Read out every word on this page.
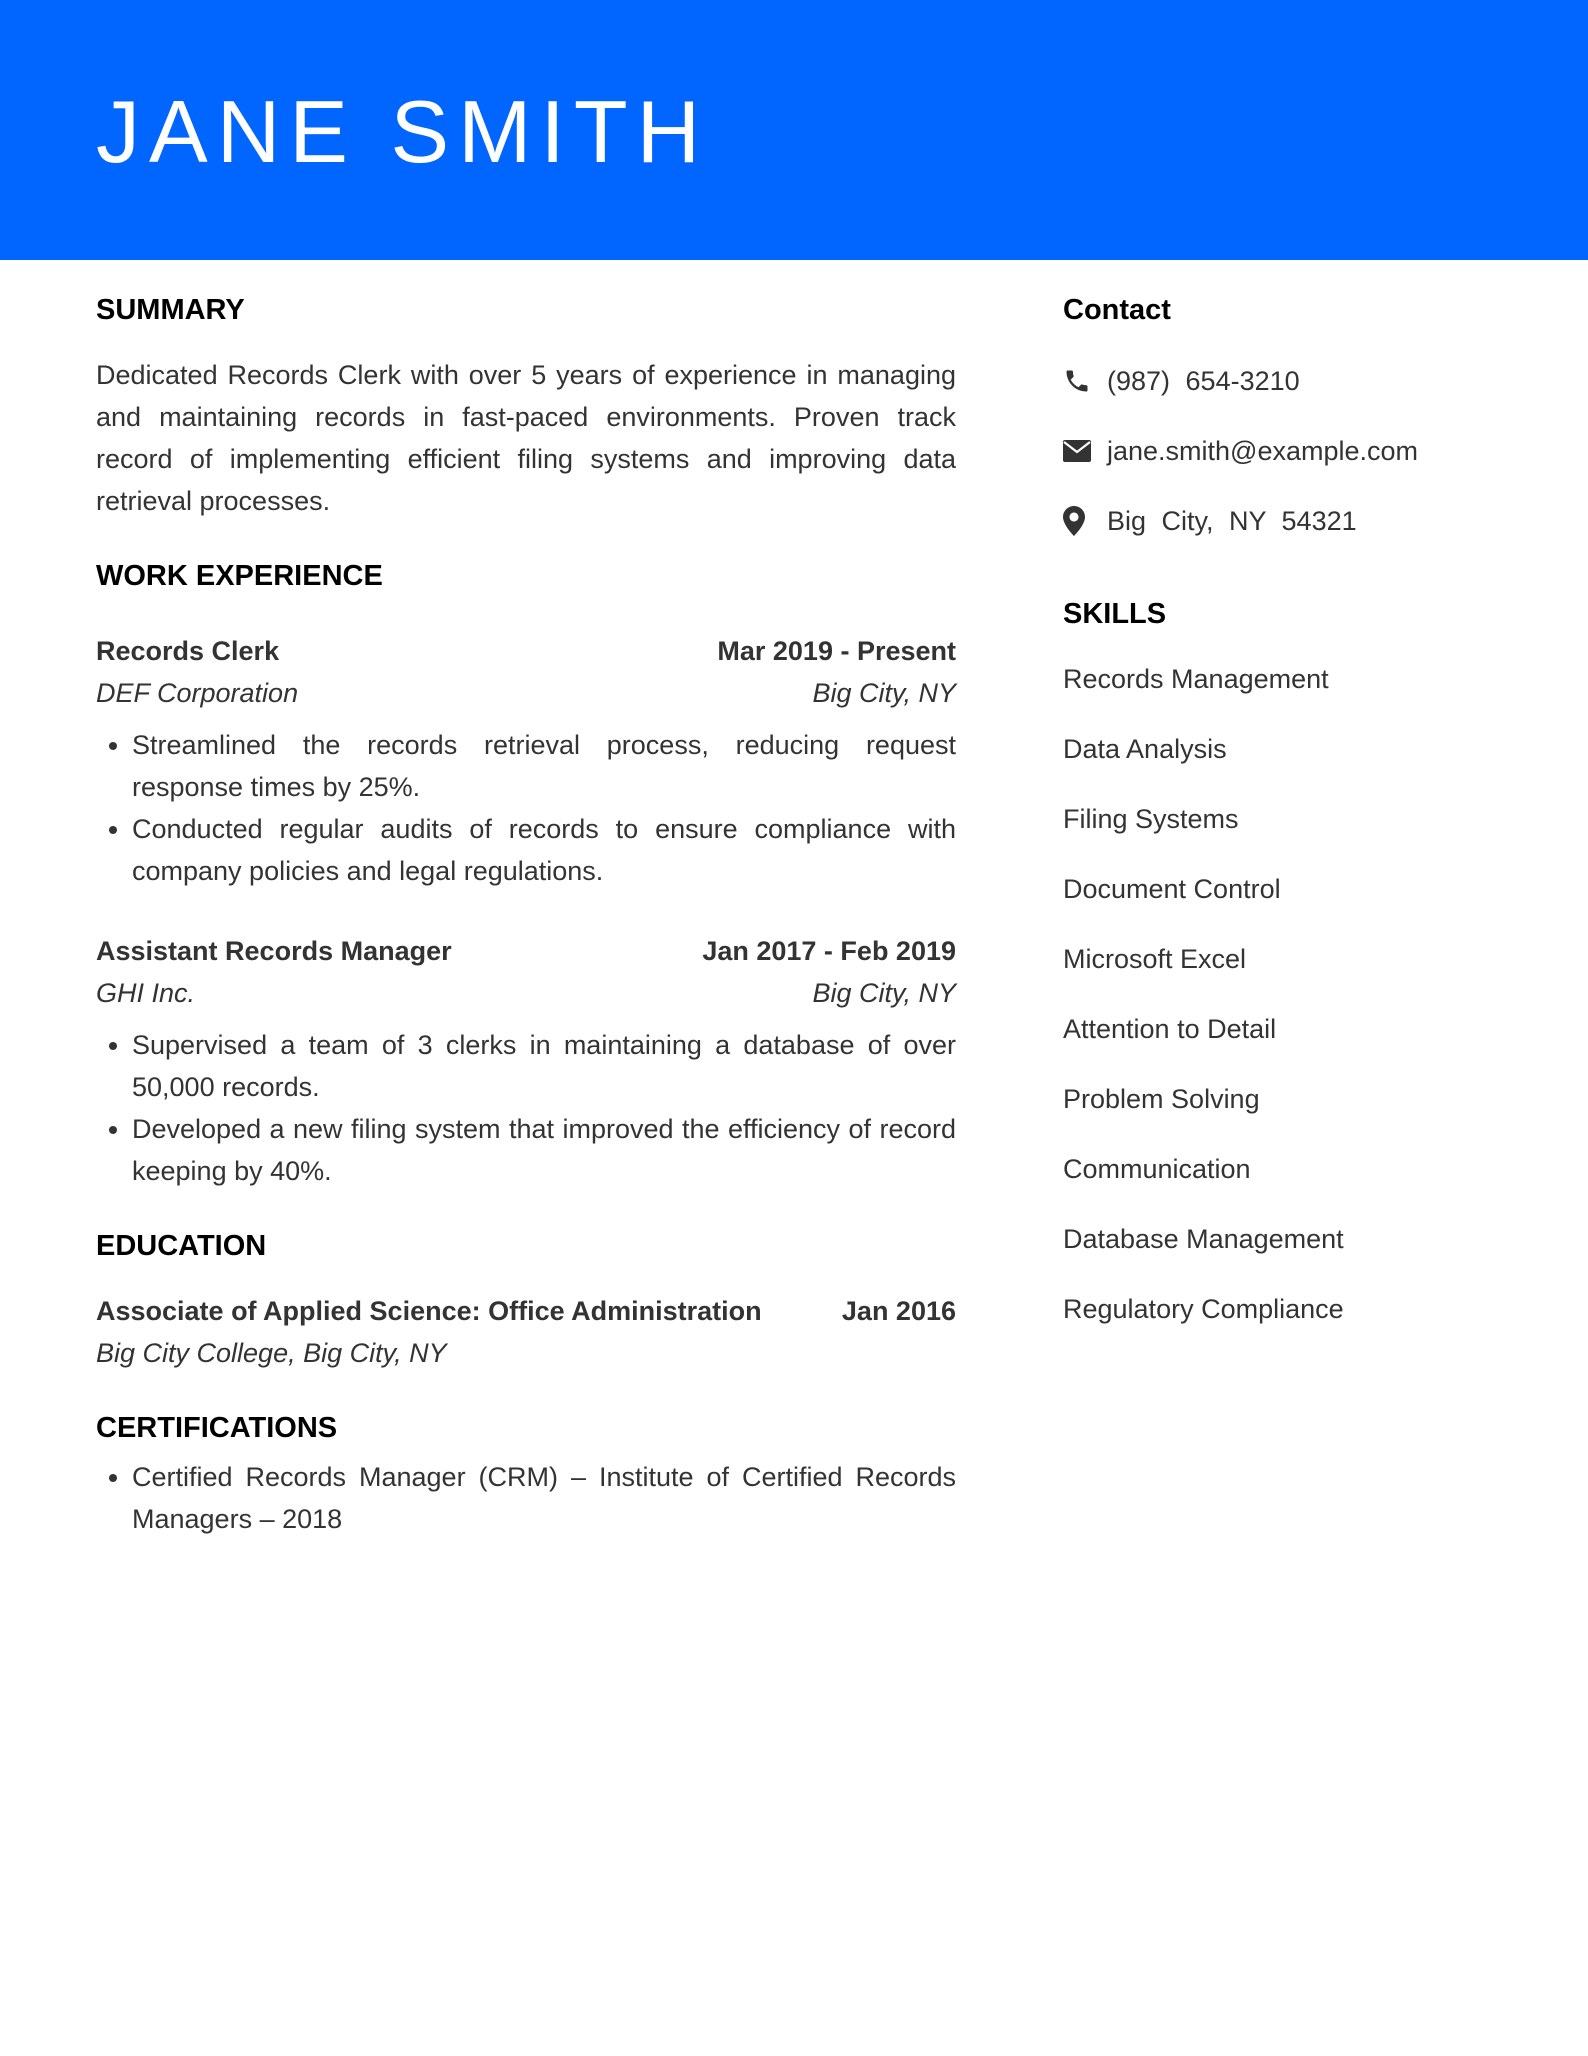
JANE SMITH
SUMMARY

Dedicated Records Clerk with over 5 years of experience in managing and maintaining records in fast-paced environments. Proven track record of implementing efficient filing systems and improving data retrieval processes.

WORK EXPERIENCE
Records Clerk	Mar 2019 - Present
DEF Corporation	Big City, NY
• Streamlined the records retrieval process, reducing request response times by 25%.
• Conducted regular audits of records to ensure compliance with company policies and legal regulations.
Assistant Records Manager	Jan 2017 - Feb 2019
GHI Inc.	Big City, NY
• Supervised a team of 3 clerks in maintaining a database of over 50,000 records.
• Developed a new filing system that improved the efficiency of record keeping by 40%.
EDUCATION
Associate of Applied Science: Office Administration	Jan 2016
Big City College, Big City, NY
CERTIFICATIONS
• Certified Records Manager (CRM) – Institute of Certified Records Managers – 2018
Contact
(987) 654-3210
jane.smith@example.com
Big City, NY 54321
SKILLS
Records Management
Data Analysis
Filing Systems
Document Control
Microsoft Excel
Attention to Detail
Problem Solving
Communication
Database Management
Regulatory Compliance
